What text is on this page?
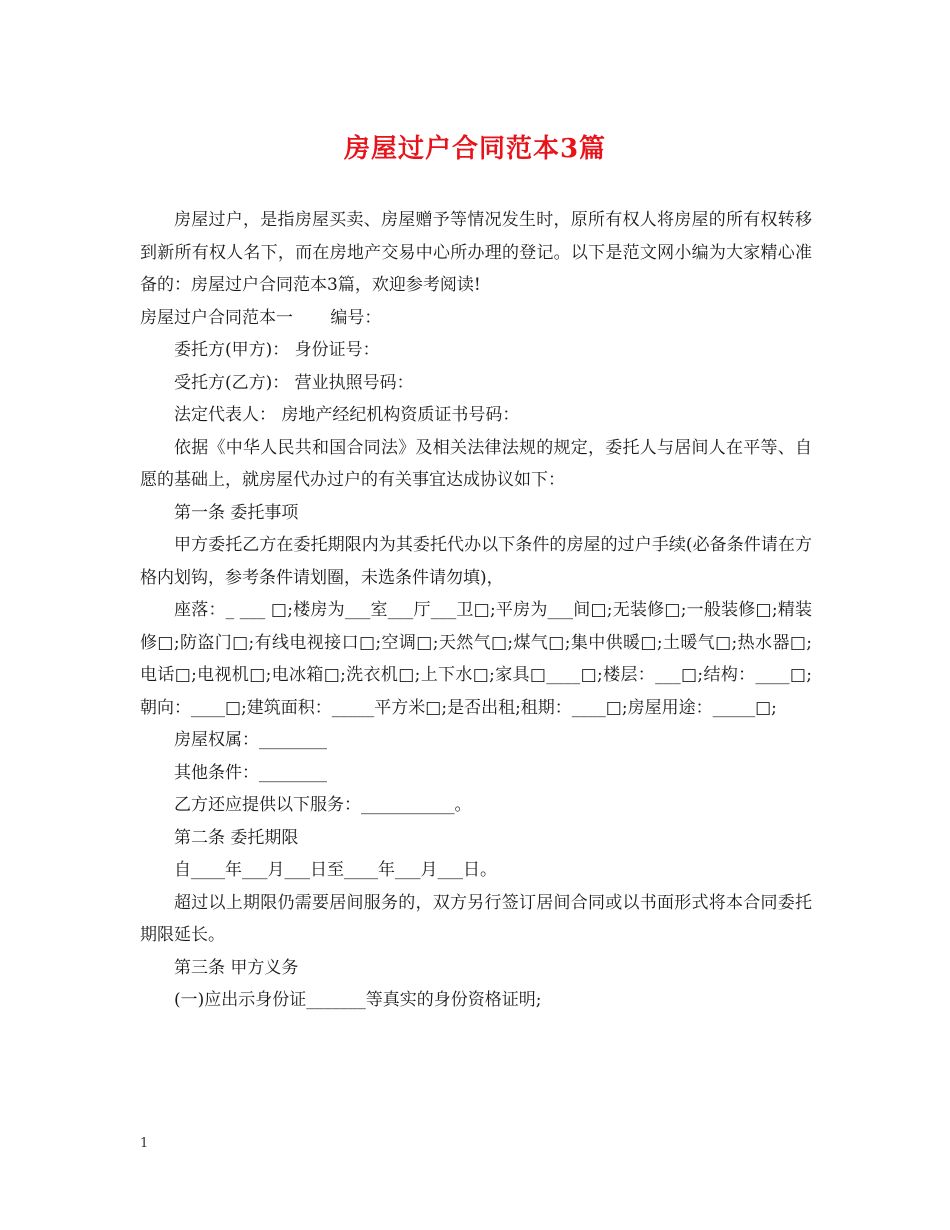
房屋过户合同范本3篇

房屋过户，是指房屋买卖、房屋赠予等情况发生时，原所有权人将房屋的所有权转移到新所有权人名下，而在房地产交易中心所办理的登记。以下是范文网小编为大家精心准备的：房屋过户合同范本3篇，欢迎参考阅读!

房屋过户合同范本一 编号：

委托方(甲方)： 身份证号：

受托方(乙方)： 营业执照号码：

法定代表人： 房地产经纪机构资质证书号码：

依据《中华人民共和国合同法》及相关法律法规的规定，委托人与居间人在平等、自愿的基础上，就房屋代办过户的有关事宜达成协议如下：

第一条 委托事项

甲方委托乙方在委托期限内为其委托代办以下条件的房屋的过户手续(必备条件请在方格内划钩，参考条件请划圈，未选条件请勿填)，

座落：_ ___ □;楼房为___室___厅___卫□;平房为___间□;无装修□;一般装修□;精装修□;防盗门□;有线电视接口□;空调□;天然气□;煤气□;集中供暖□;土暖气□;热水器□;电话□;电视机□;电冰箱□;洗衣机□;上下水□;家具□____□;楼层：___□;结构：____□;朝向：____□;建筑面积：_____平方米□;是否出租;租期：____□;房屋用途：_____□;

房屋权属：________

其他条件：________

乙方还应提供以下服务：___________。

第二条 委托期限

自____年___月___日至____年___月___日。

超过以上期限仍需要居间服务的，双方另行签订居间合同或以书面形式将本合同委托期限延长。

第三条 甲方义务

(一)应出示身份证_______等真实的身份资格证明;

1
